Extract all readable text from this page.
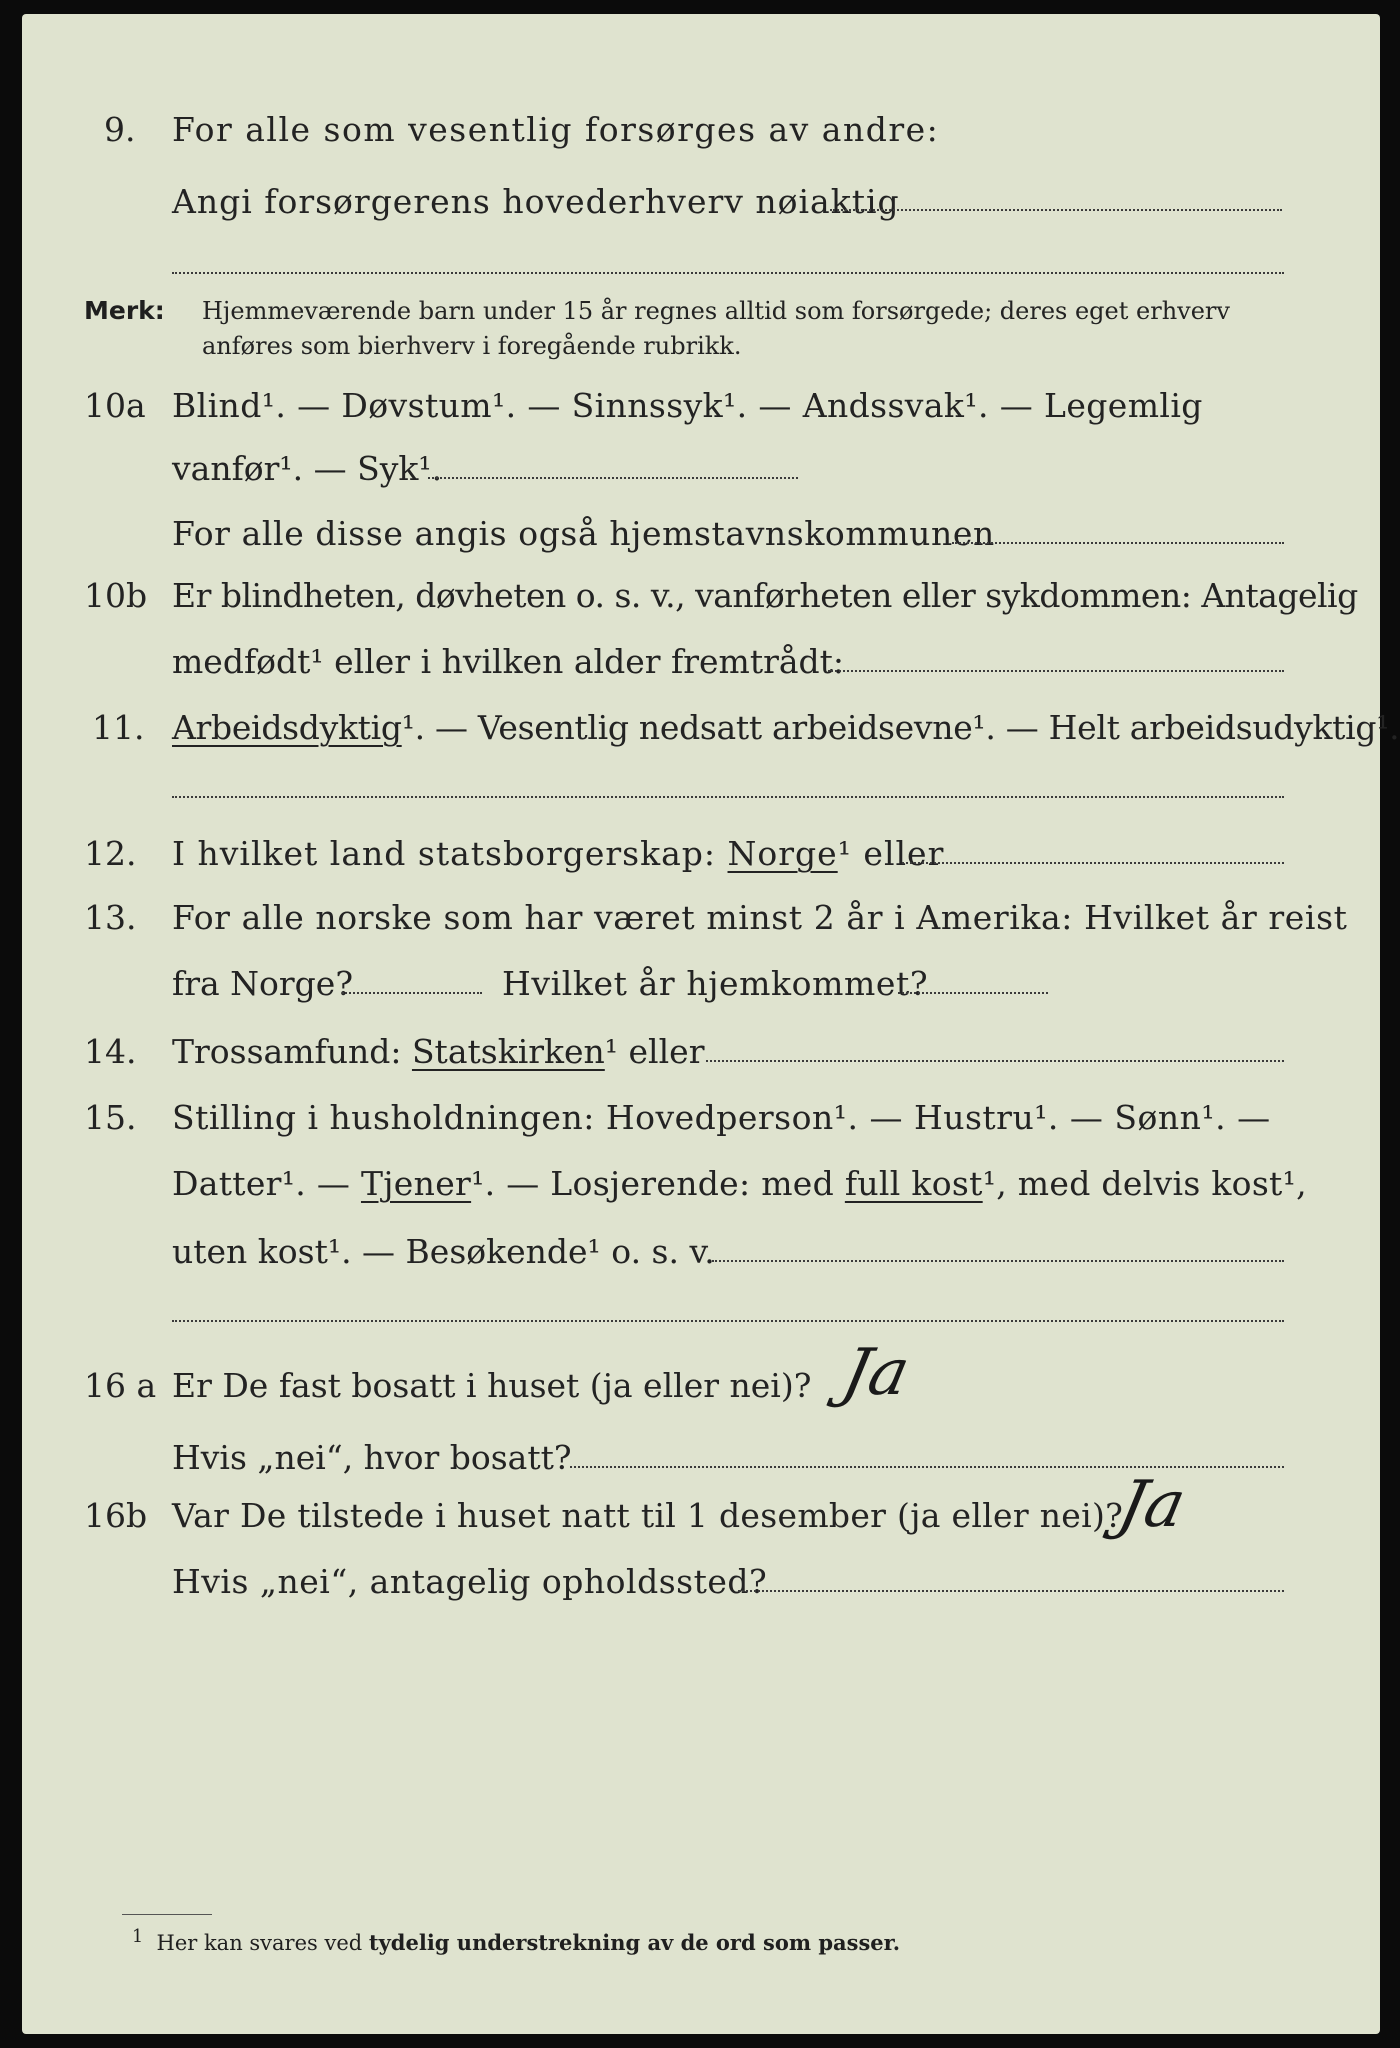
9. For alle som vesentlig forsørges av andre:
Angi forsørgerens hovederhverv nøiaktig
Merk: Hjemmeværende barn under 15 år regnes alltid som forsørgede; deres eget erhverv
anføres som bierhverv i foregående rubrikk.
10a Blind¹. — Døvstum¹. — Sinnssyk¹. — Andssvak¹. — Legemlig
vanfør¹. — Syk¹.
For alle disse angis også hjemstavnskommunen
10b Er blindheten, døvheten o. s. v., vanførheten eller sykdommen: Antagelig
medfødt¹ eller i hvilken alder fremtrådt:
11. Arbeidsdyktig¹. — Vesentlig nedsatt arbeidsevne¹. — Helt arbeidsudyktig¹.
12. I hvilket land statsborgerskap: Norge¹ eller
13. For alle norske som har været minst 2 år i Amerika: Hvilket år reist
fra Norge?	Hvilket år hjemkommet?
14. Trossamfund: Statskirken¹ eller
15. Stilling i husholdningen: Hovedperson¹. — Hustru¹. — Sønn¹. —
Datter¹. — Tjener¹. — Losjerende: med full kost¹, med delvis kost¹,
uten kost¹. — Besøkende¹ o. s. v.
16 a Er De fast bosatt i huset (ja eller nei)? Ja
Hvis „nei“, hvor bosatt?
16b Var De tilstede i huset natt til 1 desember (ja eller nei)?
Ja
Hvis „nei“, antagelig opholdssted?
$^1$ Her kan svares ved tydelig understrekning av de ord som passer.
